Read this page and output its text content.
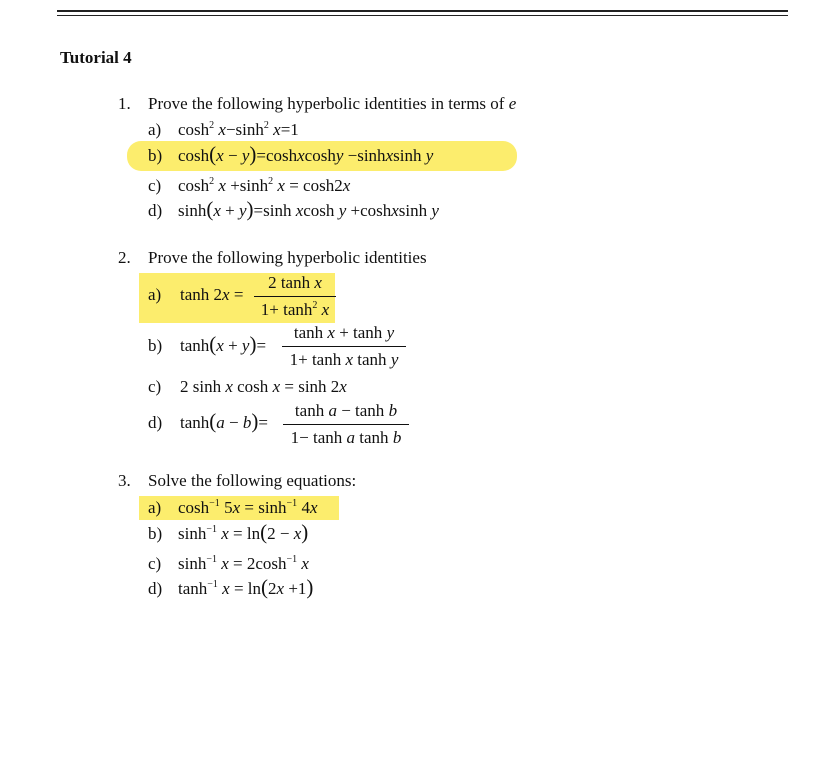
Tutorial 4
1. Prove the following hyperbolic identities in terms of e
a) $\cosh^2 x-\sinh^2$ x=1
b) cosh(x − y)=coshxcoshy −sinhxsinh y
c) $\cosh^2 x +\sinh^2$ x = cosh2x
d) sinh(x + y)=sinh xcosh y +coshxsinh y
2. Prove the following hyperbolic identities
a) tanh 2x =
2 tanh x
$1+ \tanh^2 x$
b) tanh(x + y)=
tanh x + tanh y
1+ tanh x tanh y
c) 2 sinh x cosh x = sinh 2x
d) tanh(a − b)=
tanh a − tanh b
1− tanh a tanh b
3. Solve the following equations:
a) $\cosh^{-1} 5x = \sinh^{-1} 4x$
b) $\sinh^{-1} x = \ln(2 - x)$
c) $\sinh^{-1} x = 2\cosh^{-1}$ x
d) $\tanh^{-1} x = \ln(2x +1)$
